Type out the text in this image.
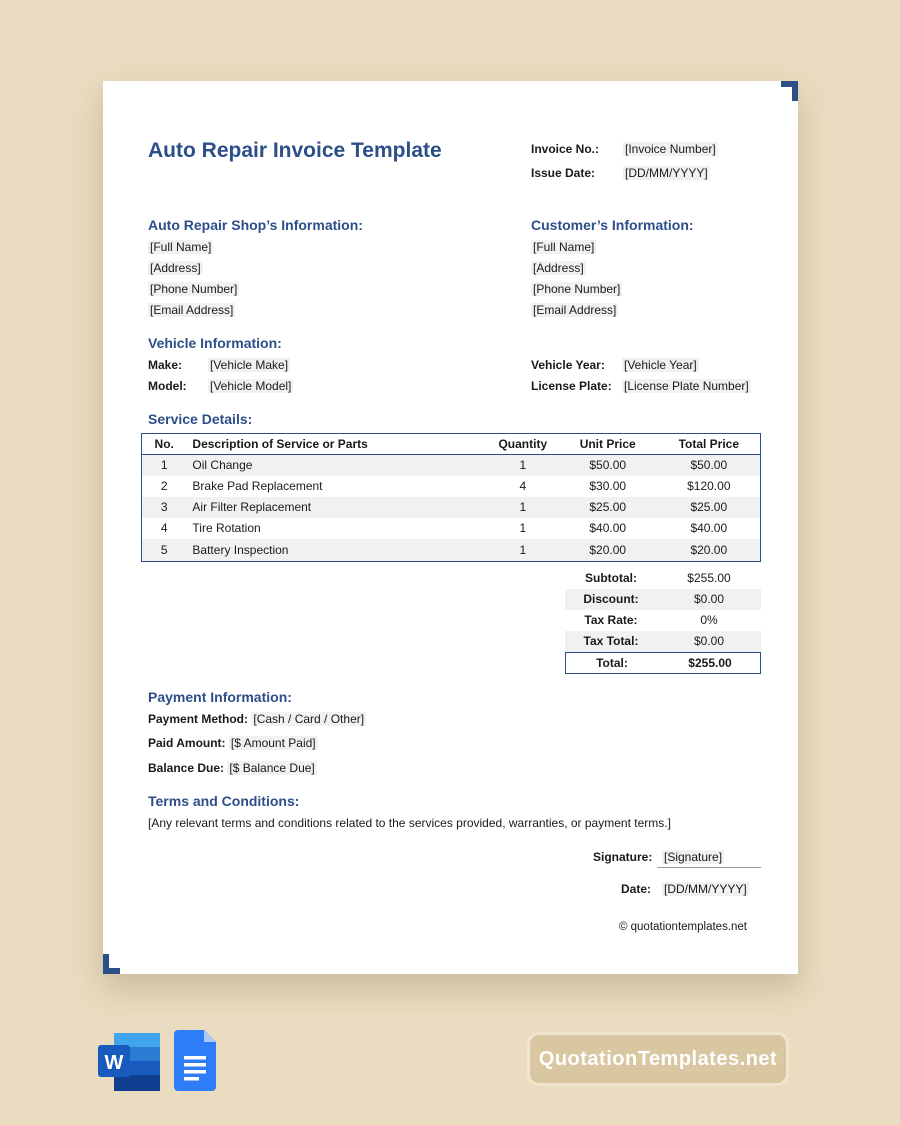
Auto Repair Invoice Template	Invoice No.: [Invoice Number]
Issue Date: [DD/MM/YYYY]
Auto Repair Shop’s Information:
[Full Name]
[Address]
[Phone Number]
[Email Address]
Customer’s Information:
[Full Name]
[Address]
[Phone Number]
[Email Address]
Vehicle Information:
Make: [Vehicle Make]
Model: [Vehicle Model]
Vehicle Year: [Vehicle Year]
License Plate: [License Plate Number]
Service Details:
No.	Description of Service or Parts	Quantity	Unit Price	Total Price
1	Oil Change	1	$50.00	$50.00
2	Brake Pad Replacement	4	$30.00	$120.00
3	Air Filter Replacement	1	$25.00	$25.00
4	Tire Rotation	1	$40.00	$40.00
5	Battery Inspection	1	$20.00	$20.00
Subtotal:	$255.00
Discount:	$0.00
Tax Rate:	0%
Tax Total:	$0.00
Total:	$255.00
Payment Information:
Payment Method: [Cash / Card / Other]
Paid Amount: [$ Amount Paid]
Balance Due: [$ Balance Due]
Terms and Conditions:
[Any relevant terms and conditions related to the services provided, warranties, or payment terms.]
Signature: [Signature]
Date: [DD/MM/YYYY]
© quotationtemplates.net
W	QuotationTemplates.net
